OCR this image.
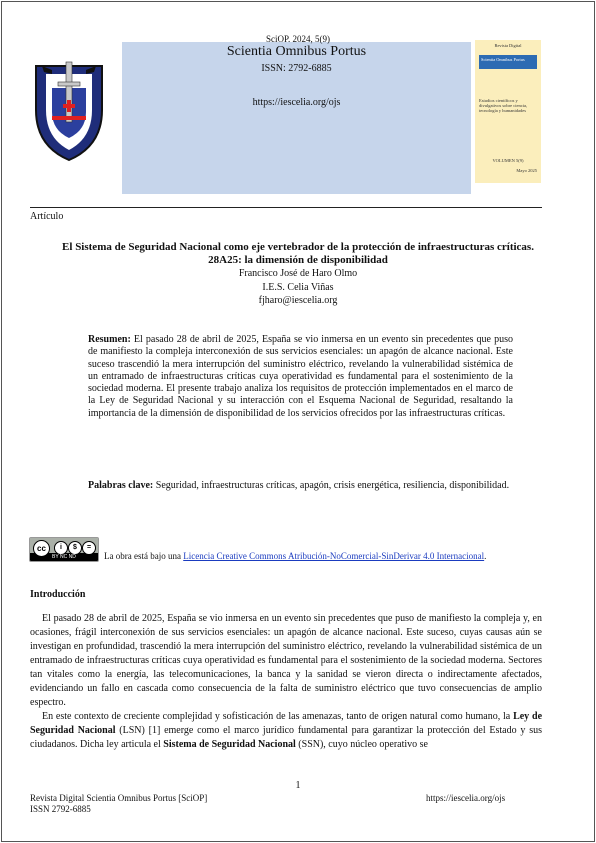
SciOP. 2024, 5(9)
Scientia Omnibus Portus
ISSN: 2792-6885
https://iescelia.org/ojs
Revista Digital
Scientia Omnibus Portus
Estudios científicos y divulgativos sobre ciencia, tecnología y humanidades
VOLUMEN 5(9)
Mayo 2025
Artículo
El Sistema de Seguridad Nacional como eje vertebrador de la protección de infraestructuras críticas.
28A25: la dimensión de disponibilidad
Francisco José de Haro Olmo
I.E.S. Celia Viñas
fjharo@iescelia.org
Resumen: El pasado 28 de abril de 2025, España se vio inmersa en un evento sin precedentes que puso de manifiesto la compleja interconexión de sus servicios esenciales: un apagón de alcance nacional. Este suceso trascendió la mera interrupción del suministro eléctrico, revelando la vulnerabilidad sistémica de un entramado de infraestructuras críticas cuya operatividad es fundamental para el sostenimiento de la sociedad moderna. El presente trabajo analiza los requisitos de protección implementados en el marco de la Ley de Seguridad Nacional y su interacción con el Esquema Nacional de Seguridad, resaltando la importancia de la dimensión de disponibilidad de los servicios ofrecidos por las infraestructuras críticas.
Palabras clave: Seguridad, infraestructuras críticas, apagón, crisis energética, resiliencia, disponibilidad.
cc	i	$	=
BY NC ND	La obra está bajo una Licencia Creative Commons Atribución-NoComercial-SinDerivar 4.0 Internacional.
Introducción

El pasado 28 de abril de 2025, España se vio inmersa en un evento sin precedentes que puso de manifiesto la compleja y, en ocasiones, frágil interconexión de sus servicios esenciales: un apagón de alcance nacional. Este suceso, cuyas causas aún se investigan en profundidad, trascendió la mera interrupción del suministro eléctrico, revelando la vulnerabilidad sistémica de un entramado de infraestructuras críticas cuya operatividad es fundamental para el sostenimiento de la sociedad moderna. Sectores tan vitales como la energía, las telecomunicaciones, la banca y la sanidad se vieron directa o indirectamente afectados, evidenciando un fallo en cascada como consecuencia de la falta de suministro eléctrico que tuvo consecuencias de amplio espectro.

En este contexto de creciente complejidad y sofisticación de las amenazas, tanto de origen natural como humano, la Ley de Seguridad Nacional (LSN) [1] emerge como el marco jurídico fundamental para garantizar la protección del Estado y sus ciudadanos. Dicha ley articula el Sistema de Seguridad Nacional (SSN), cuyo núcleo operativo se

1
Revista Digital Scientia Omnibus Portus [SciOP]
ISSN 2792-6885
https://iescelia.org/ojs
